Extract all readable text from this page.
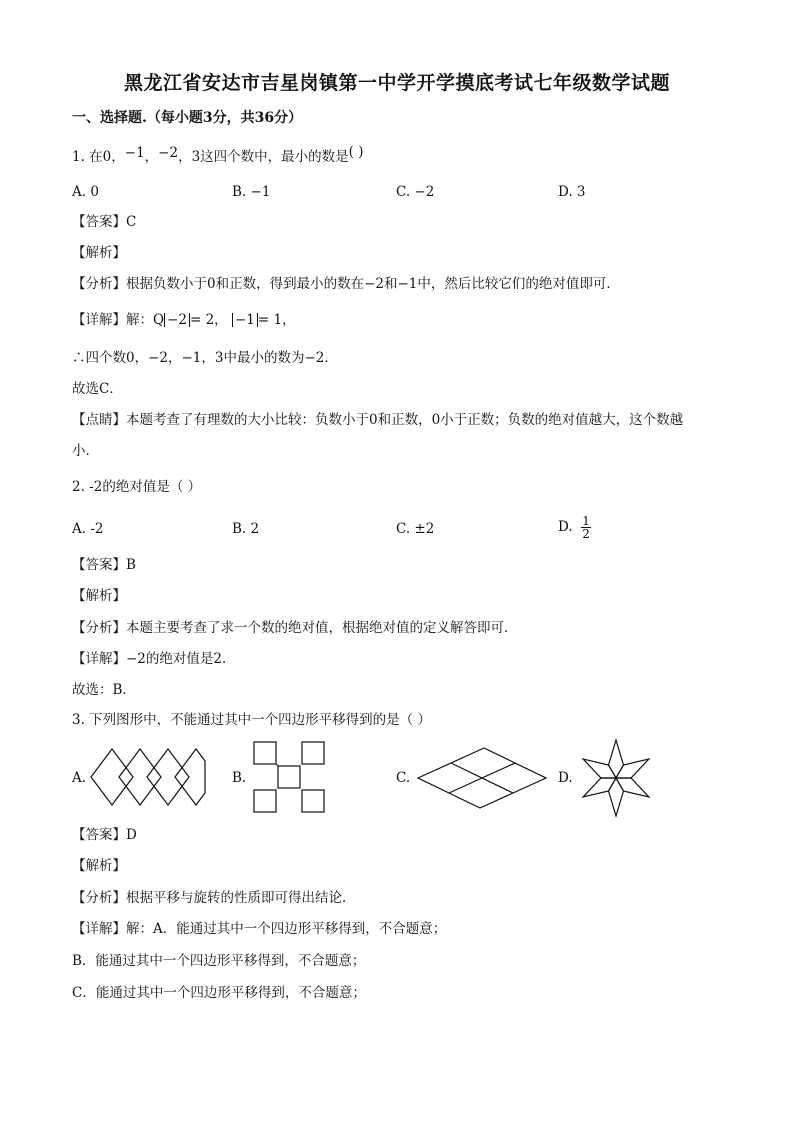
黑龙江省安达市吉星岗镇第一中学开学摸底考试七年级数学试题
一、选择题.（每小题3分，共36分）
1. 在0，−1，−2，3这四个数中，最小的数是( )
A. 0	B. −1	C. −2	D. 3
【答案】C
【解析】
【分析】根据负数小于0和正数，得到最小的数在−2和−1中，然后比较它们的绝对值即可．
【详解】解：Q −2 = 2， −1 = 1，
∴四个数0，−2，−1，3中最小的数为−2．
故选C．
【点睛】本题考查了有理数的大小比较：负数小于0和正数，0小于正数；负数的绝对值越大，这个数越
小．
2. -2的绝对值是（ ）
A. -2	B. 2	C. ±2	D. $\frac{1}{2}$
【答案】B
【解析】
【分析】本题主要考查了求一个数的绝对值，根据绝对值的定义解答即可．
【详解】−2的绝对值是2．
故选：B．
3. 下列图形中，不能通过其中一个四边形平移得到的是（ ）
A.	B.	C.	D.
【答案】D
【解析】
【分析】根据平移与旋转的性质即可得出结论．
【详解】解：A．能通过其中一个四边形平移得到，不合题意；
B．能通过其中一个四边形平移得到，不合题意；
C．能通过其中一个四边形平移得到，不合题意；
